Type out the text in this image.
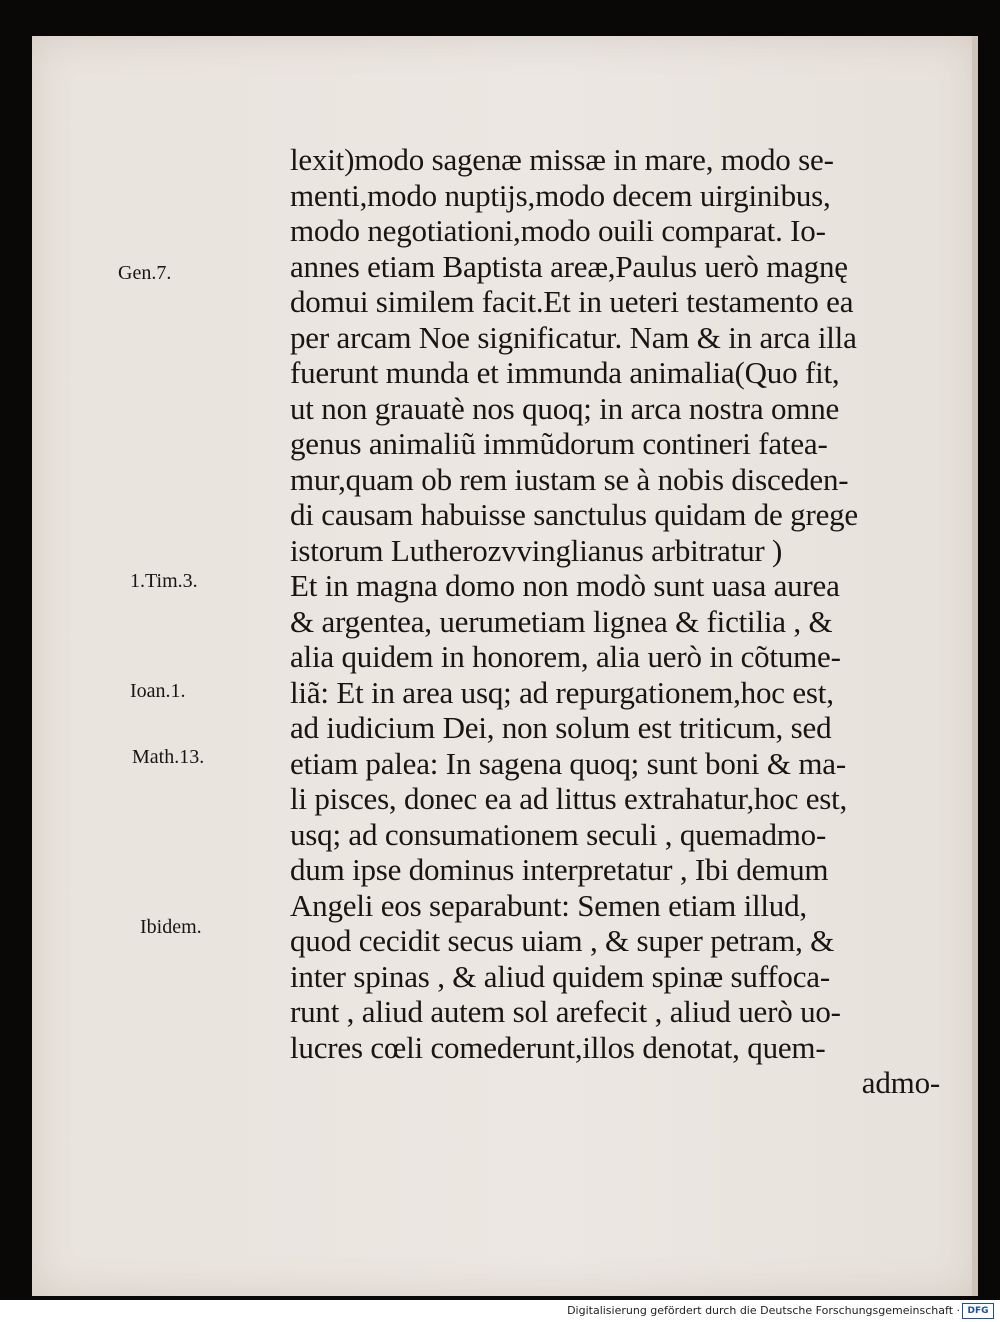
Gen.7.
1.Tim.3.
Ioan.1.
Math.13.
Ibidem.
lexit)modo sagenæ missæ in mare, modo se-
menti,modo nuptijs,modo decem uirginibus,
modo negotiationi,modo ouili comparat. Io-
annes etiam Baptista areæ,Paulus uerò magnę
domui similem facit.Et in ueteri testamento ea
per arcam Noe significatur. Nam & in arca illa
fuerunt munda et immunda animalia(Quo fit,
ut non grauatè nos quoq; in arca nostra omne
genus animaliũ immũdorum contineri fatea-
mur,quam ob rem iustam se à nobis disceden-
di causam habuisse sanctulus quidam de grege
istorum Lutherozvvinglianus arbitratur )
Et in magna domo non modò sunt uasa aurea
& argentea, uerumetiam lignea & fictilia , &
alia quidem in honorem, alia uerò in cõtume-
liã: Et in area usq; ad repurgationem,hoc est,
ad iudicium Dei, non solum est triticum, sed
etiam palea: In sagena quoq; sunt boni & ma-
li pisces, donec ea ad littus extrahatur,hoc est,
usq; ad consumationem seculi , quemadmo-
dum ipse dominus interpretatur , Ibi demum
Angeli eos separabunt: Semen etiam illud,
quod cecidit secus uiam , & super petram, &
inter spinas , & aliud quidem spinæ suffoca-
runt , aliud autem sol arefecit , aliud uerò uo-
lucres cœli comederunt,illos denotat, quem-
admo-
Digitalisierung gefördert durch die Deutsche Forschungsgemeinschaft · DFG
